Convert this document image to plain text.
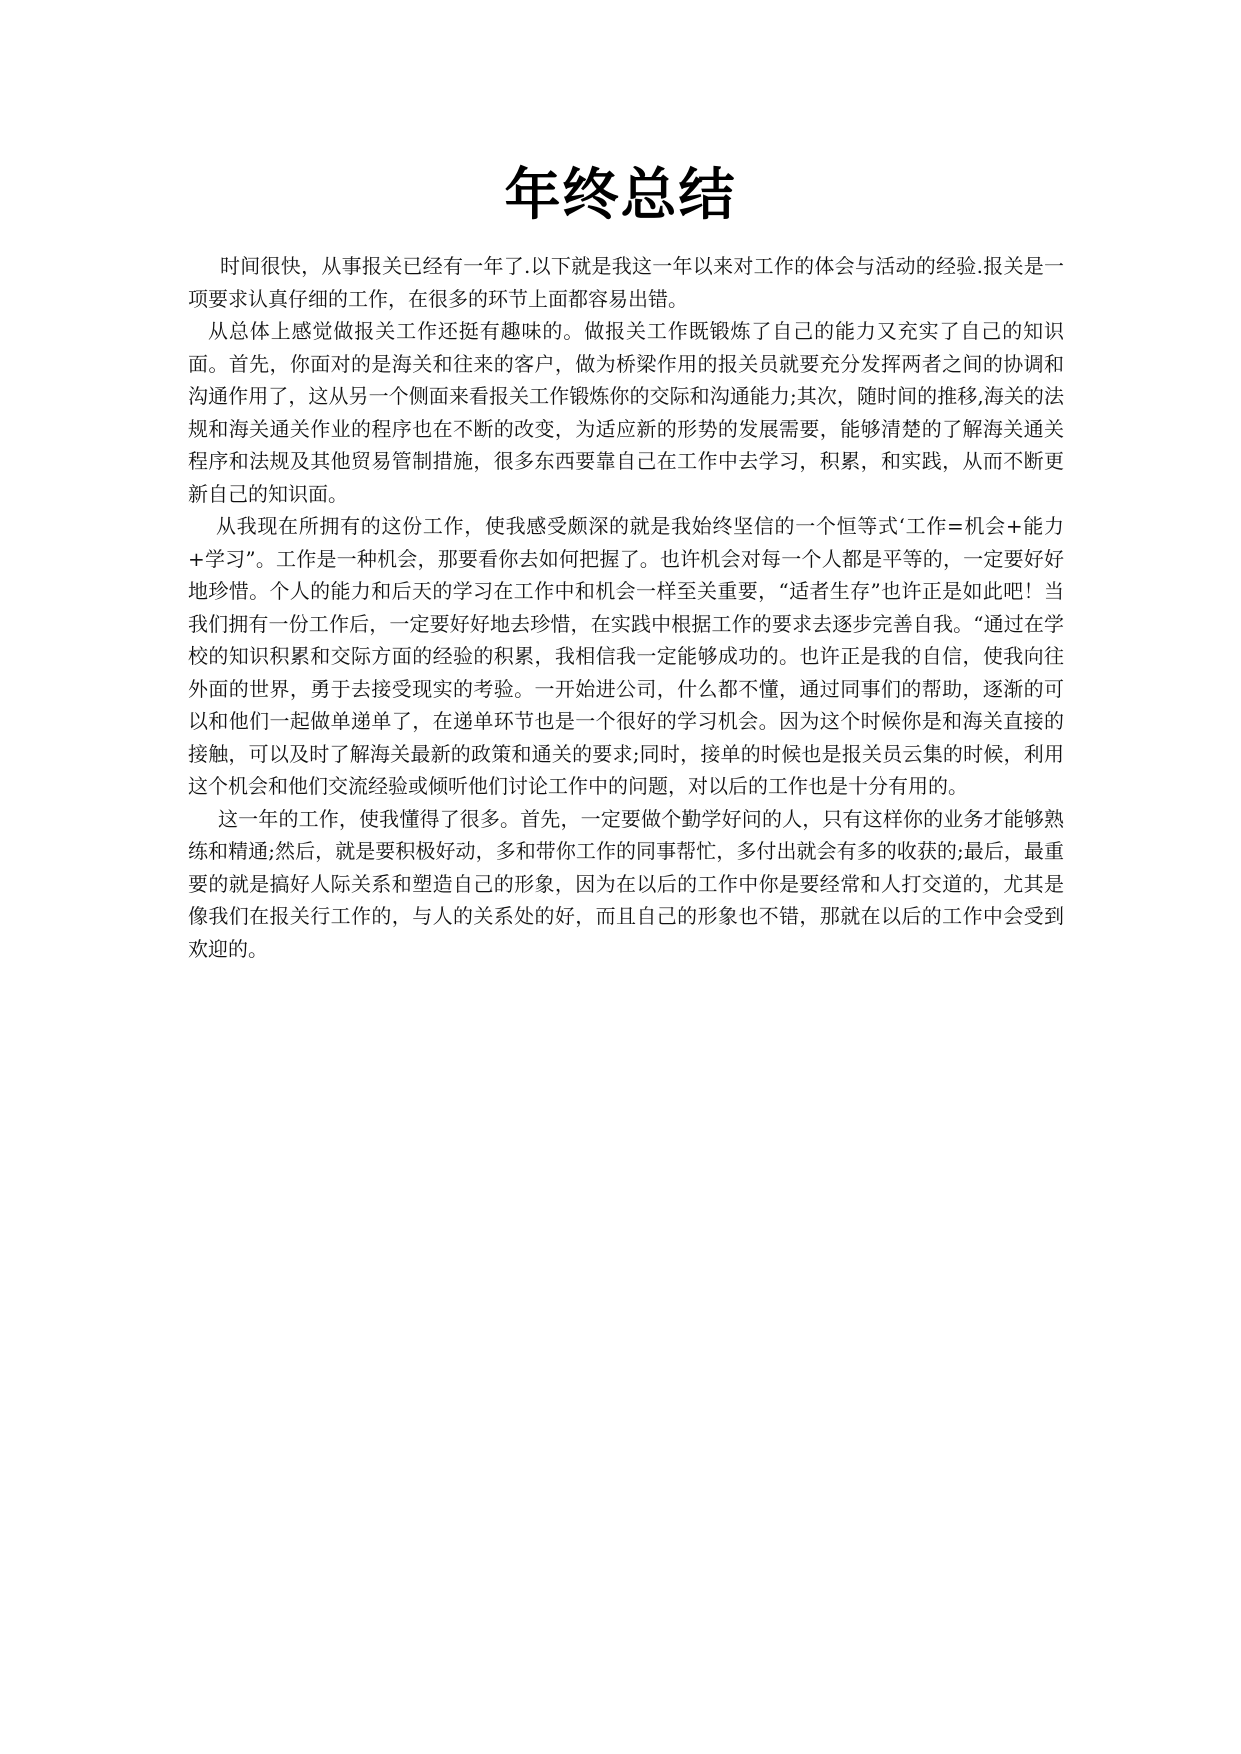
年终总结

时间很快，从事报关已经有一年了.以下就是我这一年以来对工作的体会与活动的经验.报关是一项要求认真仔细的工作，在很多的环节上面都容易出错。

从总体上感觉做报关工作还挺有趣味的。做报关工作既锻炼了自己的能力又充实了自己的知识面。首先，你面对的是海关和往来的客户，做为桥梁作用的报关员就要充分发挥两者之间的协调和沟通作用了，这从另一个侧面来看报关工作锻炼你的交际和沟通能力;其次，随时间的推移,海关的法规和海关通关作业的程序也在不断的改变，为适应新的形势的发展需要，能够清楚的了解海关通关程序和法规及其他贸易管制措施，很多东西要靠自己在工作中去学习，积累，和实践，从而不断更新自己的知识面。

从我现在所拥有的这份工作，使我感受颇深的就是我始终坚信的一个恒等式‘工作=机会+能力+学习”。工作是一种机会，那要看你去如何把握了。也许机会对每一个人都是平等的，一定要好好地珍惜。个人的能力和后天的学习在工作中和机会一样至关重要，“适者生存”也许正是如此吧！当我们拥有一份工作后，一定要好好地去珍惜，在实践中根据工作的要求去逐步完善自我。“通过在学校的知识积累和交际方面的经验的积累，我相信我一定能够成功的。也许正是我的自信，使我向往外面的世界，勇于去接受现实的考验。一开始进公司，什么都不懂，通过同事们的帮助，逐渐的可以和他们一起做单递单了，在递单环节也是一个很好的学习机会。因为这个时候你是和海关直接的接触，可以及时了解海关最新的政策和通关的要求;同时，接单的时候也是报关员云集的时候，利用这个机会和他们交流经验或倾听他们讨论工作中的问题，对以后的工作也是十分有用的。

这一年的工作，使我懂得了很多。首先，一定要做个勤学好问的人，只有这样你的业务才能够熟练和精通;然后，就是要积极好动，多和带你工作的同事帮忙，多付出就会有多的收获的;最后，最重要的就是搞好人际关系和塑造自己的形象，因为在以后的工作中你是要经常和人打交道的，尤其是像我们在报关行工作的，与人的关系处的好，而且自己的形象也不错，那就在以后的工作中会受到欢迎的。
